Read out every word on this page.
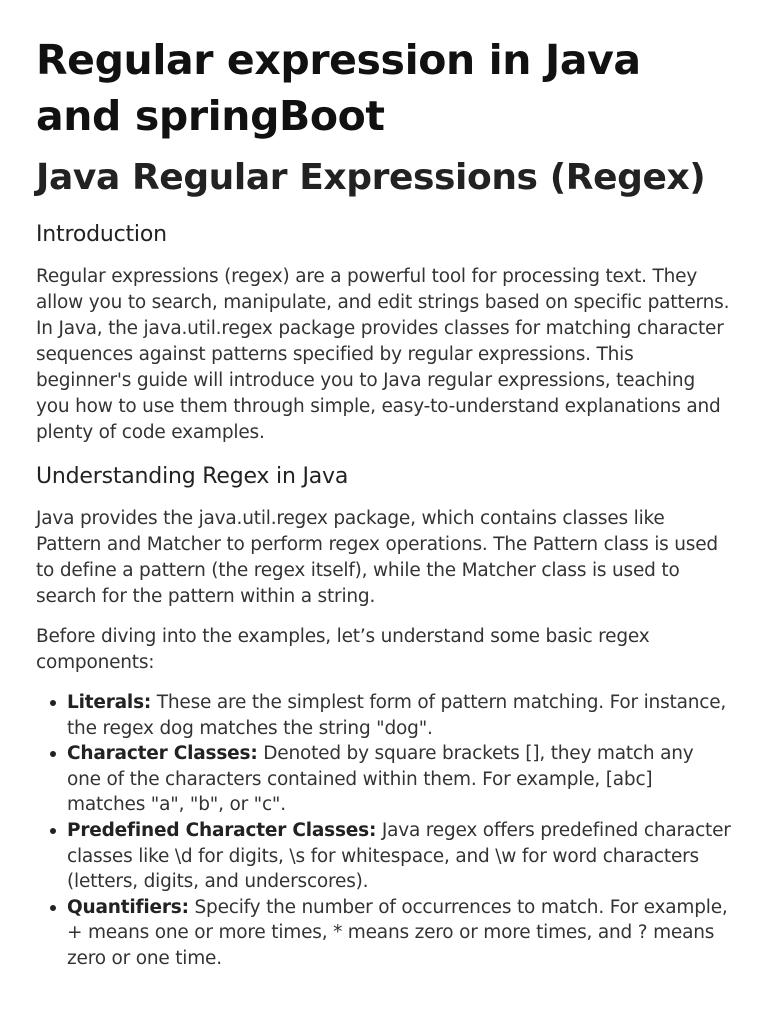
Regular expression in Java and springBoot
Java Regular Expressions (Regex)
Introduction

Regular expressions (regex) are a powerful tool for processing text. They allow you to search, manipulate, and edit strings based on specific patterns. In Java, the java.util.regex package provides classes for matching character sequences against patterns specified by regular expressions. This beginner's guide will introduce you to Java regular expressions, teaching you how to use them through simple, easy-to-understand explanations and plenty of code examples.

Understanding Regex in Java

Java provides the java.util.regex package, which contains classes like Pattern and Matcher to perform regex operations. The Pattern class is used to define a pattern (the regex itself), while the Matcher class is used to search for the pattern within a string.

Before diving into the examples, let’s understand some basic regex components:

Literals: These are the simplest form of pattern matching. For instance, the regex dog matches the string "dog".
Character Classes: Denoted by square brackets [], they match any one of the characters contained within them. For example, [abc] matches "a", "b", or "c".
Predefined Character Classes: Java regex offers predefined character classes like \d for digits, \s for whitespace, and \w for word characters (letters, digits, and underscores).
Quantifiers: Specify the number of occurrences to match. For example, + means one or more times, * means zero or more times, and ? means zero or one time.
